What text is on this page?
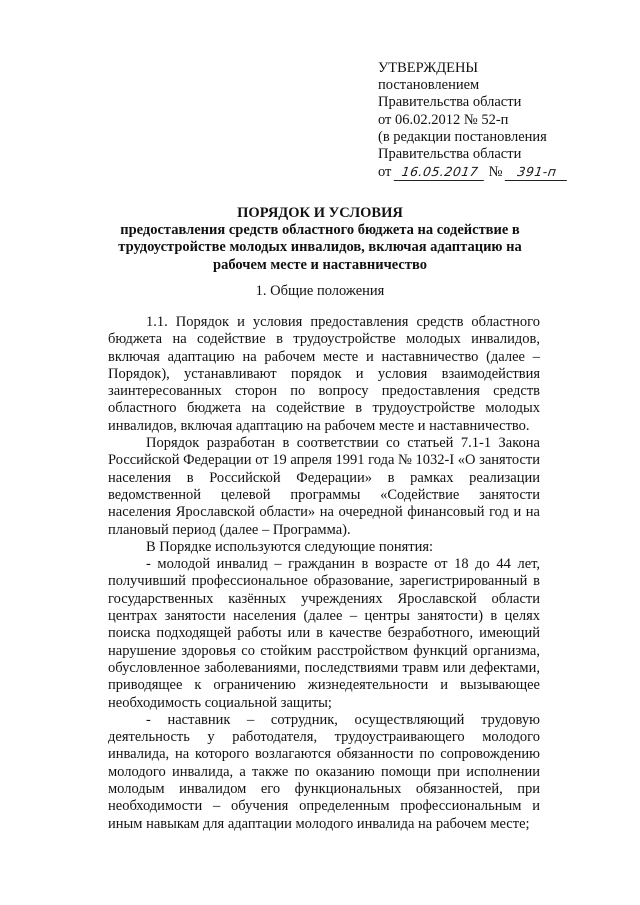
УТВЕРЖДЕНЫ
постановлением
Правительства области
от 06.02.2012 № 52-п
(в редакции постановления
Правительства области
от 16.05.2017 № 391-п
ПОРЯДОК И УСЛОВИЯ
предоставления средств областного бюджета на содействие в трудоустройстве молодых инвалидов, включая адаптацию на рабочем месте и наставничество
1. Общие положения

1.1. Порядок и условия предоставления средств областного бюджета на содействие в трудоустройстве молодых инвалидов, включая адаптацию на рабочем месте и наставничество (далее – Порядок), устанавливают порядок и условия взаимодействия заинтересованных сторон по вопросу предоставления средств областного бюджета на содействие в трудоустройстве молодых инвалидов, включая адаптацию на рабочем месте и наставничество.

Порядок разработан в соответствии со статьей 7.1-1 Закона Российской Федерации от 19 апреля 1991 года № 1032-I «О занятости населения в Российской Федерации» в рамках реализации ведомственной целевой программы «Содействие занятости населения Ярославской области» на очередной финансовый год и на плановый период (далее – Программа).

В Порядке используются следующие понятия:

- молодой инвалид – гражданин в возрасте от 18 до 44 лет, получивший профессиональное образование, зарегистрированный в государственных казённых учреждениях Ярославской области центрах занятости населения (далее – центры занятости) в целях поиска подходящей работы или в качестве безработного, имеющий нарушение здоровья со стойким расстройством функций организма, обусловленное заболеваниями, последствиями травм или дефектами, приводящее к ограничению жизнедеятельности и вызывающее необходимость социальной защиты;

- наставник – сотрудник, осуществляющий трудовую деятельность у работодателя, трудоустраивающего молодого инвалида, на которого возлагаются обязанности по сопровождению молодого инвалида, а также по оказанию помощи при исполнении молодым инвалидом его функциональных обязанностей, при необходимости – обучения определенным профессиональным и иным навыкам для адаптации молодого инвалида на рабочем месте;
